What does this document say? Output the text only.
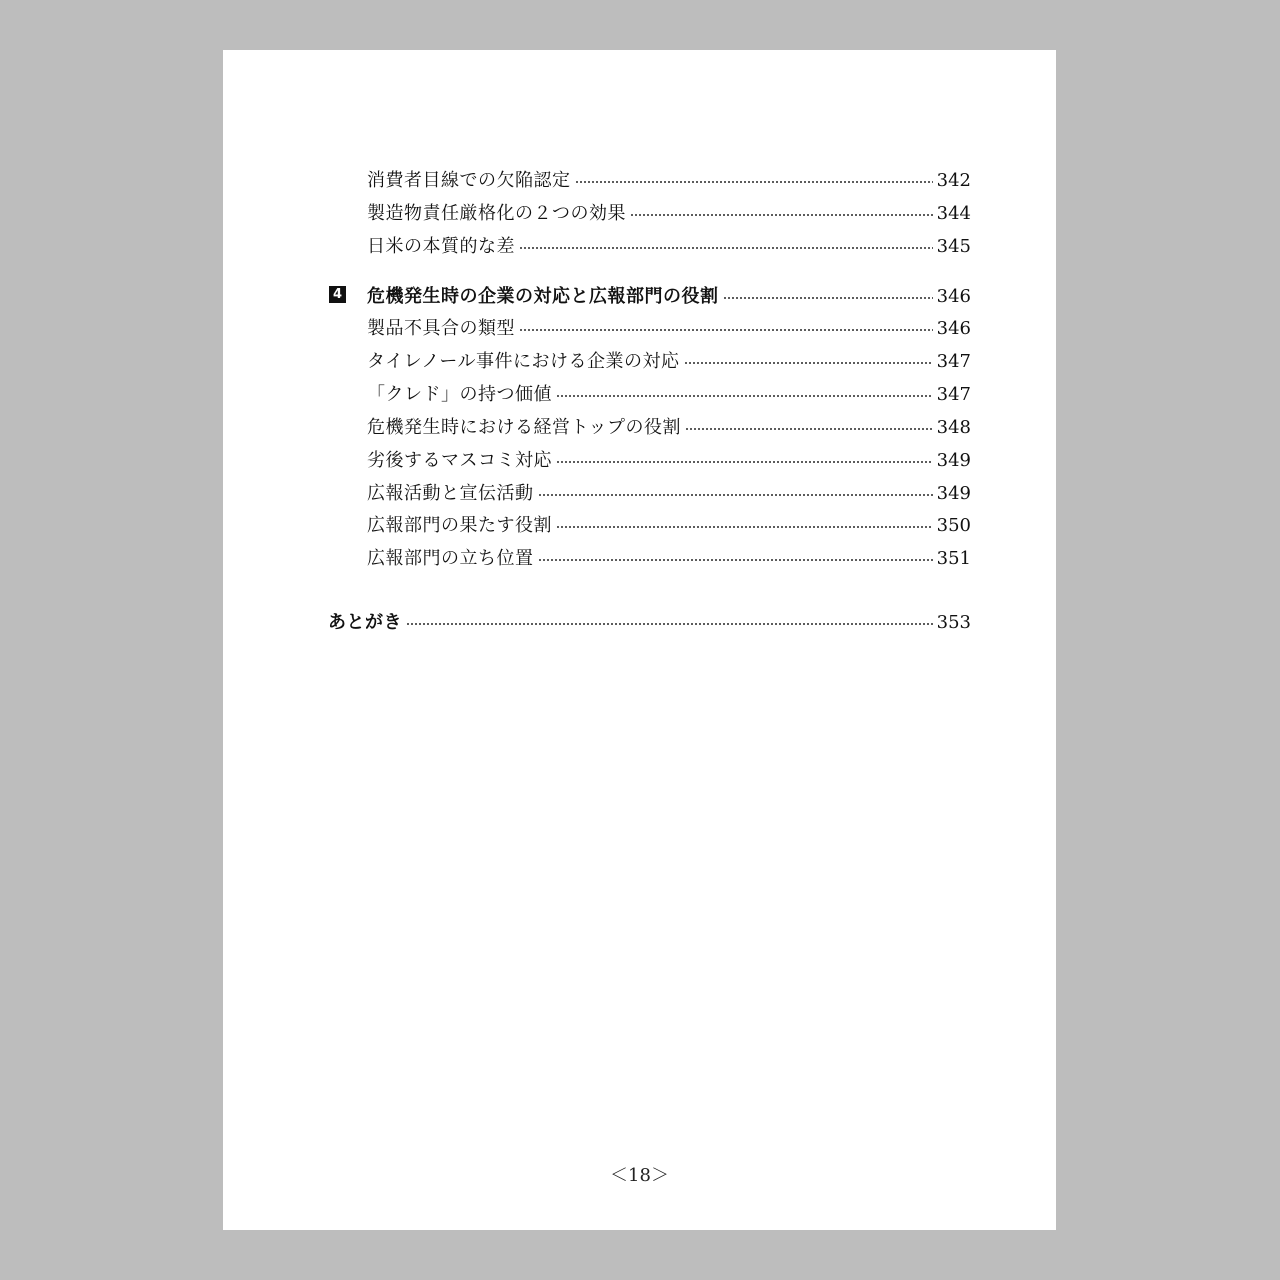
消費者目線での欠陥認定	342
製造物責任厳格化の２つの効果	344
日米の本質的な差	345
4 危機発生時の企業の対応と広報部門の役割	346
製品不具合の類型	346
タイレノール事件における企業の対応	347
「クレド」の持つ価値	347
危機発生時における経営トップの役割	348
劣後するマスコミ対応	349
広報活動と宣伝活動	349
広報部門の果たす役割	350
広報部門の立ち位置	351
あとがき	353
＜18＞
